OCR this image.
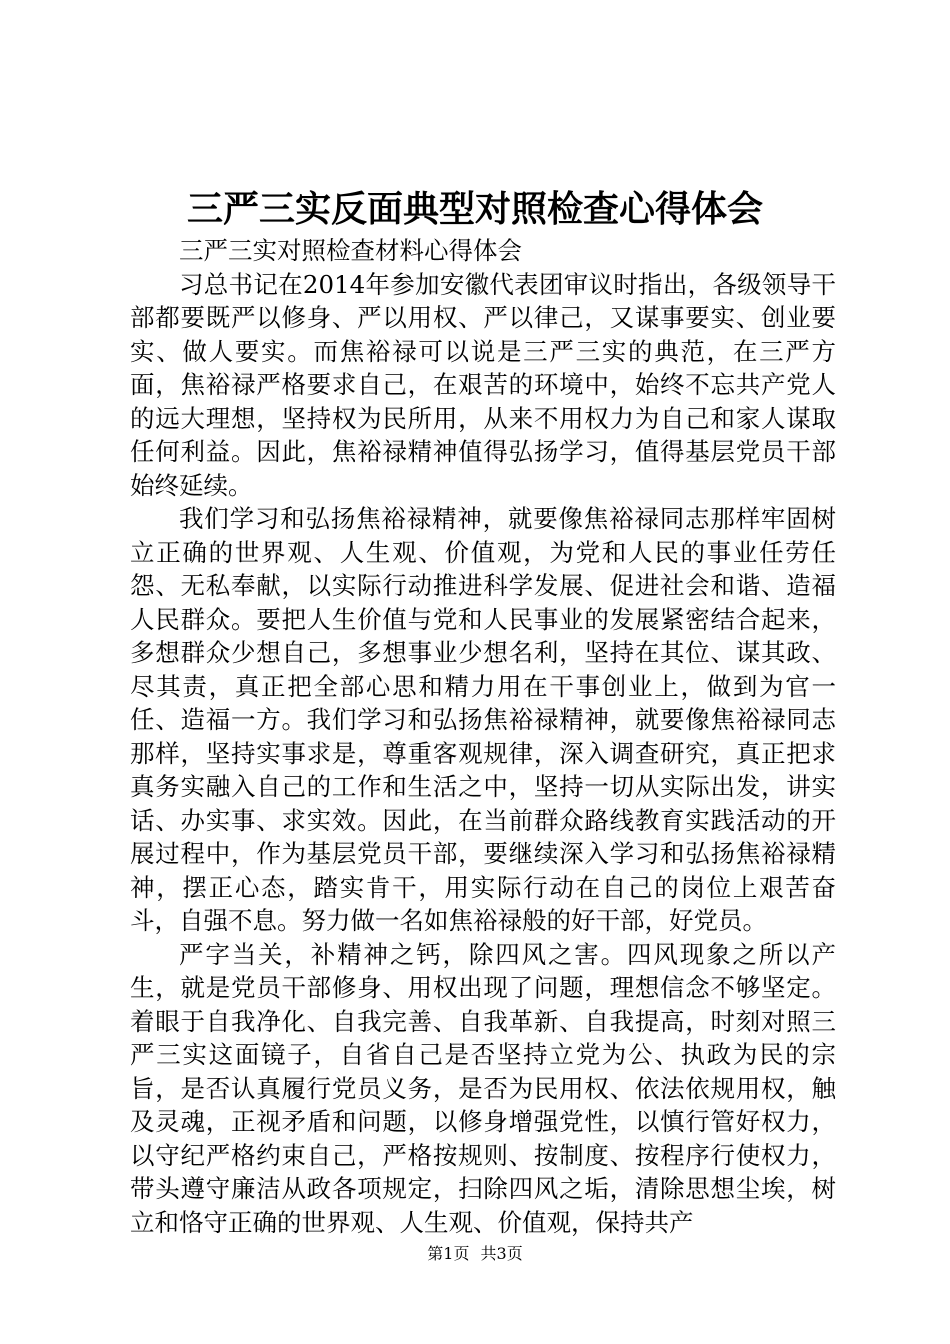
三严三实反面典型对照检查心得体会

三严三实对照检查材料心得体会

习总书记在2014年参加安徽代表团审议时指出，各级领导干部都要既严以修身、严以用权、严以律己，又谋事要实、创业要实、做人要实。而焦裕禄可以说是三严三实的典范，在三严方面，焦裕禄严格要求自己，在艰苦的环境中，始终不忘共产党人的远大理想，坚持权为民所用，从来不用权力为自己和家人谋取任何利益。因此，焦裕禄精神值得弘扬学习，值得基层党员干部始终延续。

我们学习和弘扬焦裕禄精神，就要像焦裕禄同志那样牢固树立正确的世界观、人生观、价值观，为党和人民的事业任劳任怨、无私奉献，以实际行动推进科学发展、促进社会和谐、造福人民群众。要把人生价值与党和人民事业的发展紧密结合起来，多想群众少想自己，多想事业少想名利，坚持在其位、谋其政、尽其责，真正把全部心思和精力用在干事创业上，做到为官一任、造福一方。我们学习和弘扬焦裕禄精神，就要像焦裕禄同志那样，坚持实事求是，尊重客观规律，深入调查研究，真正把求真务实融入自己的工作和生活之中，坚持一切从实际出发，讲实话、办实事、求实效。因此，在当前群众路线教育实践活动的开展过程中，作为基层党员干部，要继续深入学习和弘扬焦裕禄精神，摆正心态，踏实肯干，用实际行动在自己的岗位上艰苦奋斗，自强不息。努力做一名如焦裕禄般的好干部，好党员。

严字当关，补精神之钙，除四风之害。四风现象之所以产生，就是党员干部修身、用权出现了问题，理想信念不够坚定。着眼于自我净化、自我完善、自我革新、自我提高，时刻对照三严三实这面镜子，自省自己是否坚持立党为公、执政为民的宗旨，是否认真履行党员义务，是否为民用权、依法依规用权，触及灵魂，正视矛盾和问题，以修身增强党性，以慎行管好权力，以守纪严格约束自己，严格按规则、按制度、按程序行使权力，带头遵守廉洁从政各项规定，扫除四风之垢，清除思想尘埃，树立和恪守正确的世界观、人生观、价值观，保持共产

第1页 共3页
